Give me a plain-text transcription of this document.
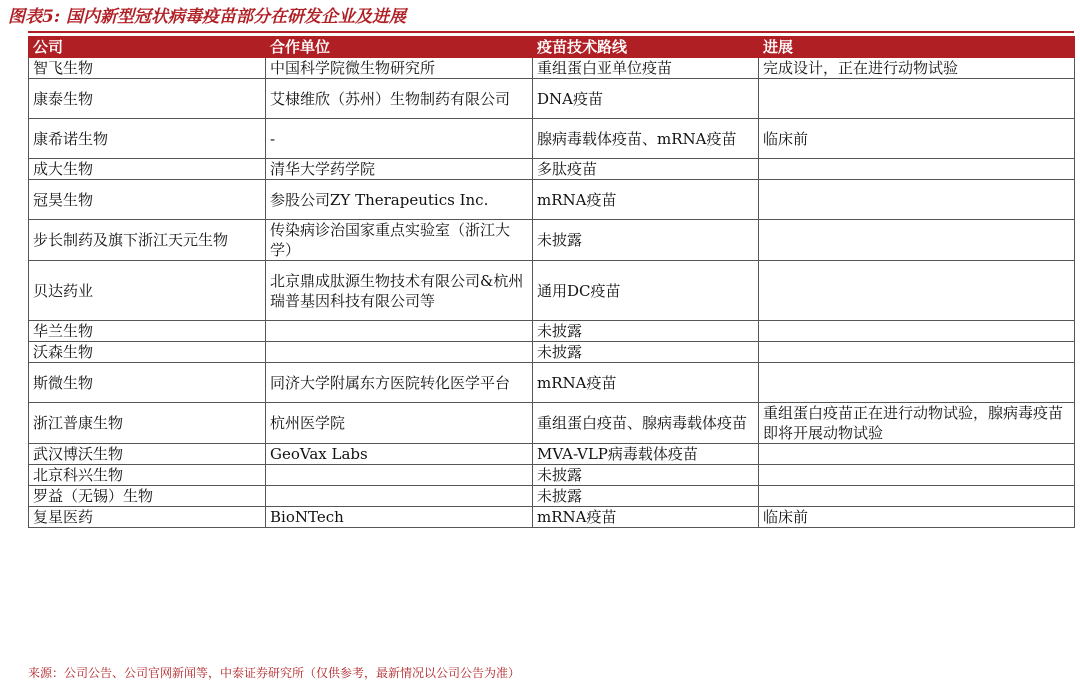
图表5: 国内新型冠状病毒疫苗部分在研发企业及进展
公司	合作单位	疫苗技术路线	进展
智飞生物	中国科学院微生物研究所	重组蛋白亚单位疫苗	完成设计，正在进行动物试验
康泰生物	艾棣维欣（苏州）生物制药有限公司	DNA疫苗	
康希诺生物	-	腺病毒载体疫苗、mRNA疫苗	临床前
成大生物	清华大学药学院	多肽疫苗	
冠昊生物	参股公司ZY Therapeutics Inc.	mRNA疫苗	
步长制药及旗下浙江天元生物	传染病诊治国家重点实验室（浙江大学）	未披露	
贝达药业	北京鼎成肽源生物技术有限公司&杭州瑞普基因科技有限公司等	通用DC疫苗	
华兰生物		未披露	
沃森生物		未披露	
斯微生物	同济大学附属东方医院转化医学平台	mRNA疫苗	
浙江普康生物	杭州医学院	重组蛋白疫苗、腺病毒载体疫苗	重组蛋白疫苗正在进行动物试验，腺病毒疫苗即将开展动物试验
武汉博沃生物	GeoVax Labs	MVA-VLP病毒载体疫苗	
北京科兴生物		未披露	
罗益（无锡）生物		未披露	
复星医药	BioNTech	mRNA疫苗	临床前
来源：公司公告、公司官网新闻等，中泰证券研究所（仅供参考，最新情况以公司公告为准）
